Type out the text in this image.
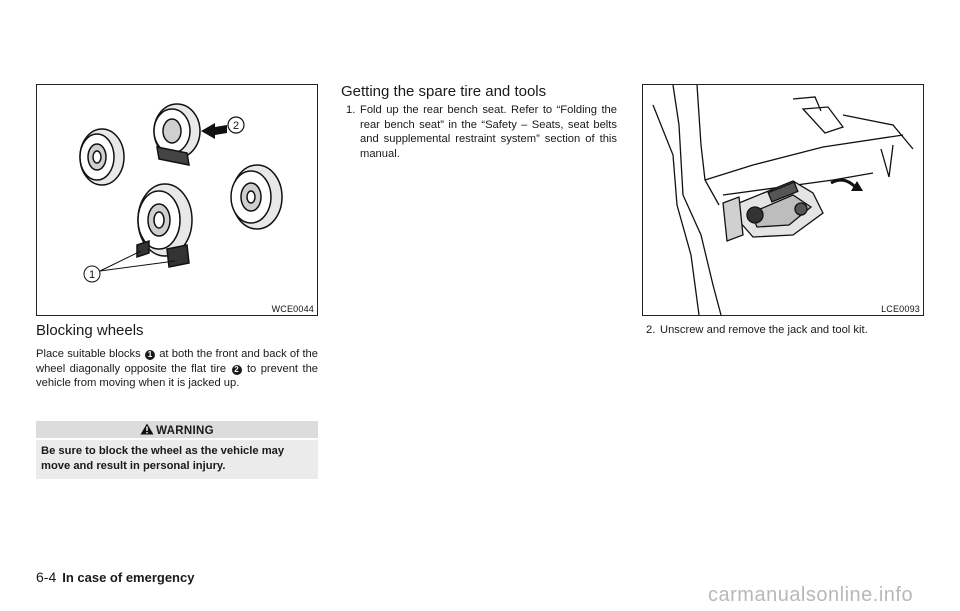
2
1
WCE0044
Blocking wheels
Place suitable blocks 1 at both the front and back of the wheel diagonally opposite the flat tire 2 to prevent the vehicle from moving when it is jacked up.
WARNING
Be sure to block the wheel as the vehicle may move and result in personal injury.
Getting the spare tire and tools
1. Fold up the rear bench seat. Refer to “Folding the rear bench seat” in the “Safety – Seats, seat belts and supplemental restraint system” section of this manual.
LCE0093
2. Unscrew and remove the jack and tool kit.
6-4 In case of emergency
carmanualsonline.info
